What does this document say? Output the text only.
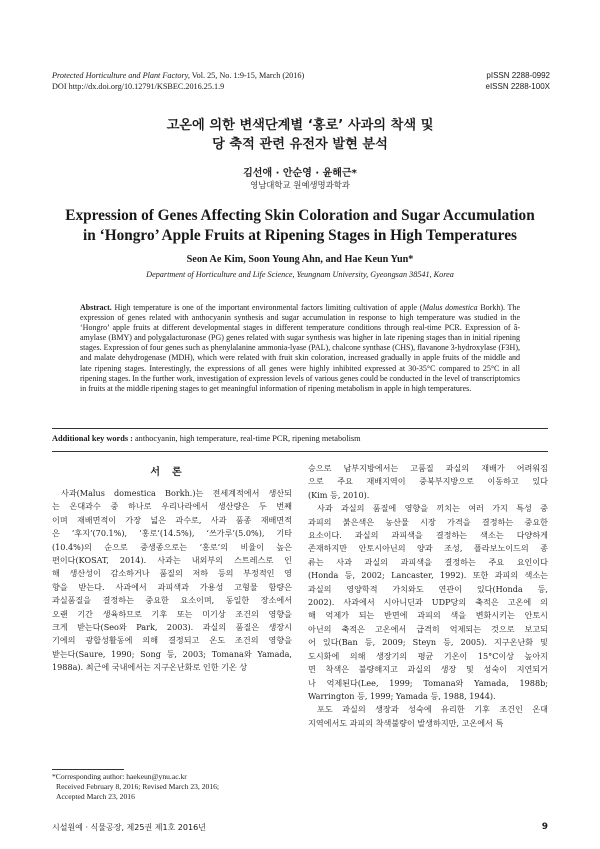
Protected Horticulture and Plant Factory, Vol. 25, No. 1:9-15, March (2016)	pISSN 2288-0992
DOI http://dx.doi.org/10.12791/KSBEC.2016.25.1.9	eISSN 2288-100X
고온에 의한 변색단계별 ‘홍로’ 사과의 착색 및
당 축적 관련 유전자 발현 분석
김선애 · 안순영 · 윤해근*
영남대학교 원예생명과학과
Expression of Genes Affecting Skin Coloration and Sugar Accumulation
in ‘Hongro’ Apple Fruits at Ripening Stages in High Temperatures
Seon Ae Kim, Soon Young Ahn, and Hae Keun Yun*
Department of Horticulture and Life Science, Yeungnam University, Gyeongsan 38541, Korea
Abstract. High temperature is one of the important environmental factors limiting cultivation of apple (Malus domestica Borkh). The expression of genes related with anthocyanin synthesis and sugar accumulation in response to high temperature was studied in the ‘Hongro’ apple fruits at different developmental stages in different temperature conditions through real-time PCR. Expression of â-amylase (BMY) and polygalacturonase (PG) genes related with sugar synthesis was higher in late ripening stages than in initial ripening stages. Expression of four genes such as phenylalanine ammonia-lyase (PAL), chalcone synthase (CHS), flavanone 3-hydroxylase (F3H), and malate dehydrogenase (MDH), which were related with fruit skin coloration, increased gradually in apple fruits of the middle and late ripening stages. Interestingly, the expressions of all genes were highly inhibited expressed at 30-35°C compared to 25°C in all ripening stages. In the further work, investigation of expression levels of various genes could be conducted in the level of transcriptomics in fruits at the middle ripening stages to get meaningful information of ripening metabolism in apple in high temperatures.
Additional key words : anthocyanin, high temperature, real-time PCR, ripening metabolism
서론
사과(Malus domestica Borkh.)는 전세계적에서 생산되
는 온대과수 중 하나로 우리나라에서 생산량은 두 번째
이며 재배면적이 가장 넓은 과수로, 사과 품종 재배면적
은 ‘후지’(70.1%), ‘홍로’(14.5%), ‘쓰가루’(5.0%), 기타
(10.4%)의 순으로 중생종으로는 ‘홍로’의 비율이 높은
편이다(KOSAT, 2014). 사과는 내외부의 스트레스로 인
해 생산성이 감소하거나 품질의 저하 등의 부정적인 영
향을 받는다. 사과에서 과피색과 가용성 고형물 함량은
과실품질을 결정하는 중요한 요소이며, 동일한 장소에서
오랜 기간 생육하므로 기후 또는 미기상 조건의 영향을
크게 받는다(Seo와 Park, 2003). 과실의 품질은 생장시
기에의 광합성활동에 의해 결정되고 온도 조건의 영향을
받는다(Saure, 1990; Song 등, 2003; Tomana와 Yamada,
1988a). 최근에 국내에서는 지구온난화로 인한 기온 상
승으로 남부지방에서는 고품질 과실의 재배가 어려워짐
으로 주요 재배지역이 중북부지방으로 이동하고 있다
(Kim 등, 2010).
사과 과실의 품질에 영향을 끼치는 여러 가지 특성 중
과피의 붉은색은 농산물 시장 가격을 결정하는 중요한
요소이다. 과실의 과피색을 결정하는 색소는 다양하게
존재하지만 안토시아닌의 양과 조성, 플라보노이드의 종
류는 사과 과실의 과피색을 결정하는 주요 요인이다
(Honda 등, 2002; Lancaster, 1992). 또한 과피의 색소는
과실의 영양학적 가치와도 연관이 있다(Honda 등,
2002). 사과에서 시아니딘과 UDP당의 축적은 고온에 의
해 억제가 되는 반면에 과피의 색을 변화시키는 안토시
아닌의 축적은 고온에서 급격히 억제되는 것으로 보고되
어 있다(Ban 등, 2009; Steyn 등, 2005). 지구온난화 및
도시화에 의해 생장기의 평균 기온이 15°C이상 높아지
면 착색은 불량해지고 과실의 생장 및 성숙이 지연되거
나 억제된다(Lee, 1999; Tomana와 Yamada, 1988b;
Warrington 등, 1999; Yamada 등, 1988, 1944).
포도 과실의 생장과 성숙에 유리한 기후 조건인 온대
지역에서도 과피의 착색불량이 발생하지만, 고온에서 특
*Corresponding author: haekeun@ynu.ac.kr
Received February 8, 2016; Revised March 23, 2016;
Accepted March 23, 2016
시설원예 · 식물공장, 제25권 제1호 2016년	9
